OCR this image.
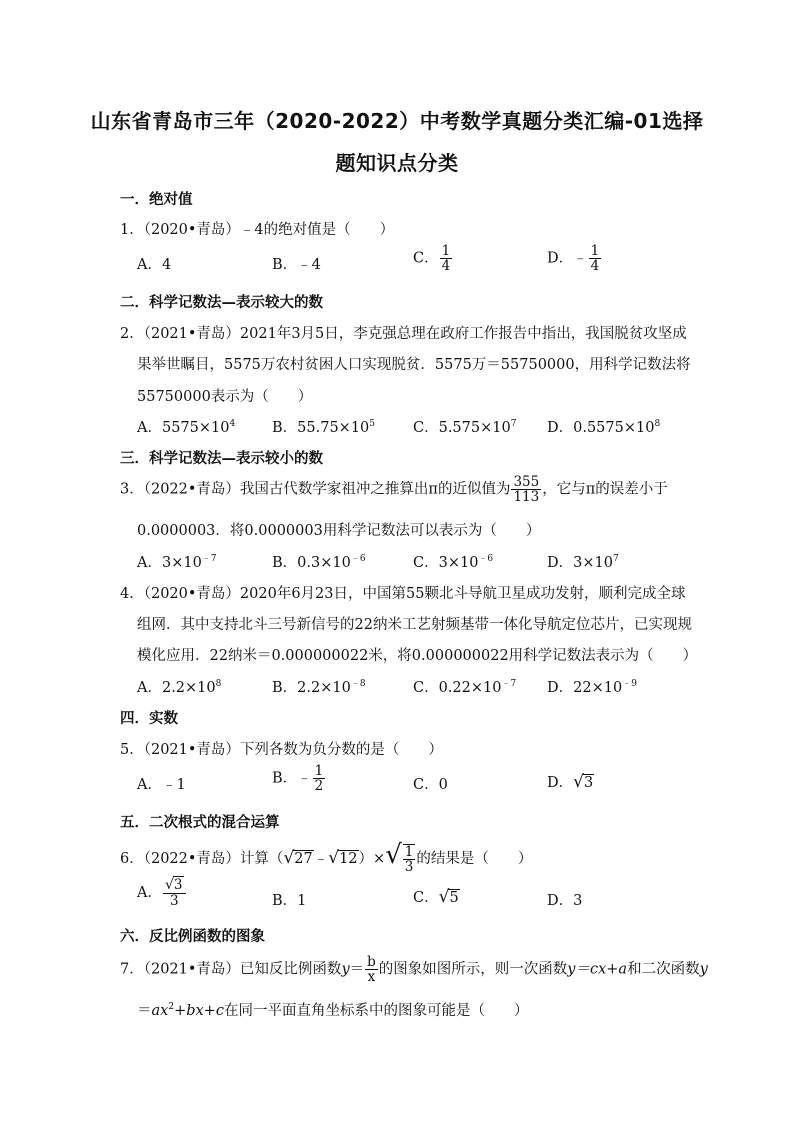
山东省青岛市三年（2020-2022）中考数学真题分类汇编-01选择
题知识点分类
一．绝对值
1．（2020•青岛）﹣4的绝对值是（　　）
A．4	B．﹣4	C． $\frac{1}{4}$	D．﹣ $\frac{1}{4}$
二．科学记数法—表示较大的数
2．（2021•青岛）2021年3月5日，李克强总理在政府工作报告中指出，我国脱贫攻坚成
果举世瞩目，5575万农村贫困人口实现脱贫．5575万＝55750000，用科学记数法将
55750000表示为（　　）
A．$5575\times 10^4$	B．$55.75\times 10^5$	C．$5.575\times 10^7$ D．$0.5575\times 10^8$
三．科学记数法—表示较小的数
3．（2022•青岛）我国古代数学家祖冲之推算出π的近似值为 $\frac{355}{113}$ ，它与π的误差小于
0.0000003．将0.0000003用科学记数法可以表示为（　　）
A．$3\times 10^{﹣7}$	B．$0.3\times 10^{﹣6}$	C．$3\times 10^{﹣6}$	D．$3\times 10^7$
4．（2020•青岛）2020年6月23日，中国第55颗北斗导航卫星成功发射，顺利完成全球
组网．其中支持北斗三号新信号的22纳米工艺射频基带一体化导航定位芯片，已实现规
模化应用．22纳米＝0.000000022米，将0.000000022用科学记数法表示为（　　）
A．$2.2\times 10^8$	B．$2.2\times 10^{﹣8}$	C．$0.22\times 10^{﹣7}$ D．$22\times 10^{﹣9}$
四．实数
5．（2021•青岛）下列各数为负分数的是（　　）
A．﹣1	B．﹣ $\frac{1}{2}$	C．0	D．√3
五．二次根式的混合运算
6．（2022•青岛）计算（√27﹣√12）×√ $\frac{1}{3}$ 的结果是（　　）
A． $\frac{√3}{3}$	B．1	C．√5	D．3
六．反比例函数的图象
7．（2021•青岛）已知反比例函数$y= \frac{b}{x}$ 的图象如图所示，则一次函数y＝cx+a和二次函数y
$=ax^2+bx+c$在同一平面直角坐标系中的图象可能是（　　）
